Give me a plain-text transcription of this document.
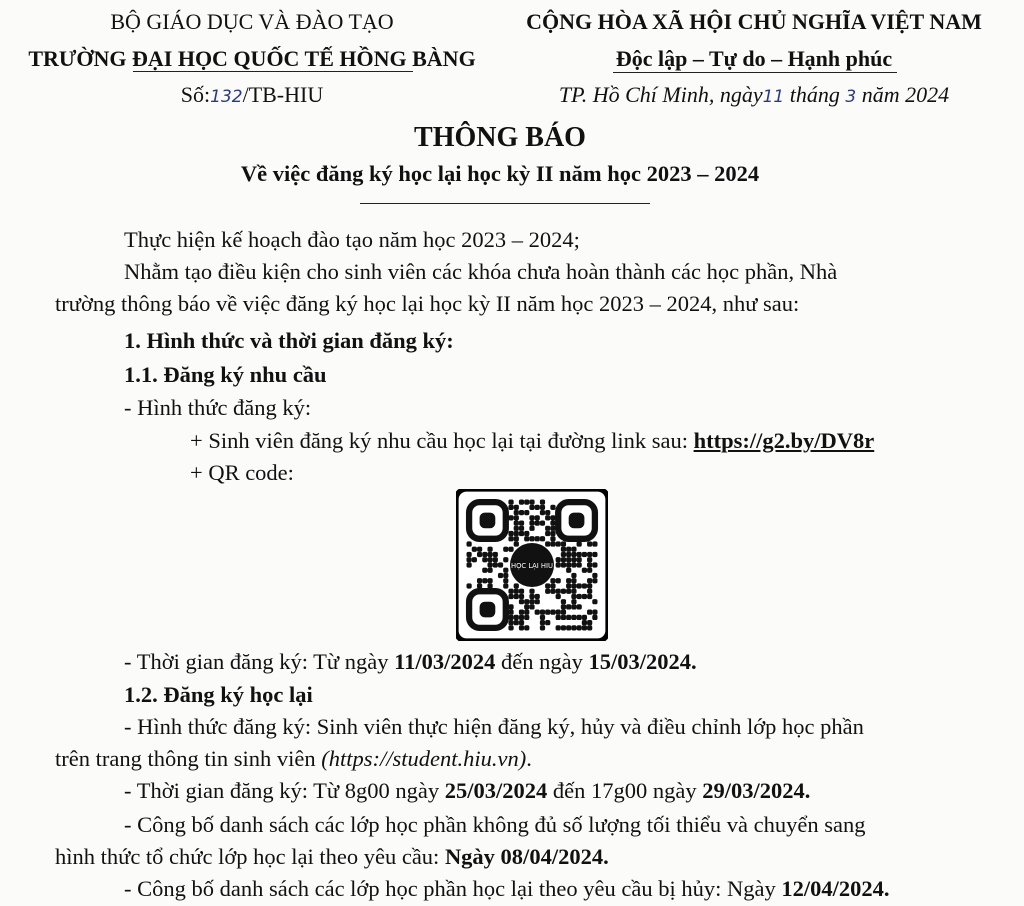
BỘ GIÁO DỤC VÀ ĐÀO TẠO
TRƯỜNG ĐẠI HỌC QUỐC TẾ HỒNG BÀNG
Số:132/TB-HIU
CỘNG HÒA XÃ HỘI CHỦ NGHĨA VIỆT NAM
Độc lập – Tự do – Hạnh phúc
TP. Hồ Chí Minh, ngày11 tháng 3 năm 2024
THÔNG BÁO
Về việc đăng ký học lại học kỳ II năm học 2023 – 2024
Thực hiện kế hoạch đào tạo năm học 2023 – 2024;
Nhằm tạo điều kiện cho sinh viên các khóa chưa hoàn thành các học phần, Nhà
trường thông báo về việc đăng ký học lại học kỳ II năm học 2023 – 2024, như sau:
1. Hình thức và thời gian đăng ký:
1.1. Đăng ký nhu cầu
- Hình thức đăng ký:
+ Sinh viên đăng ký nhu cầu học lại tại đường link sau: https://g2.by/DV8r
+ QR code:
HỌC LẠI HIU
- Thời gian đăng ký: Từ ngày 11/03/2024 đến ngày 15/03/2024.
1.2. Đăng ký học lại
- Hình thức đăng ký: Sinh viên thực hiện đăng ký, hủy và điều chỉnh lớp học phần
trên trang thông tin sinh viên (https://student.hiu.vn).
- Thời gian đăng ký: Từ 8g00 ngày 25/03/2024 đến 17g00 ngày 29/03/2024.
- Công bố danh sách các lớp học phần không đủ số lượng tối thiểu và chuyển sang
hình thức tổ chức lớp học lại theo yêu cầu: Ngày 08/04/2024.
- Công bố danh sách các lớp học phần học lại theo yêu cầu bị hủy: Ngày 12/04/2024.
